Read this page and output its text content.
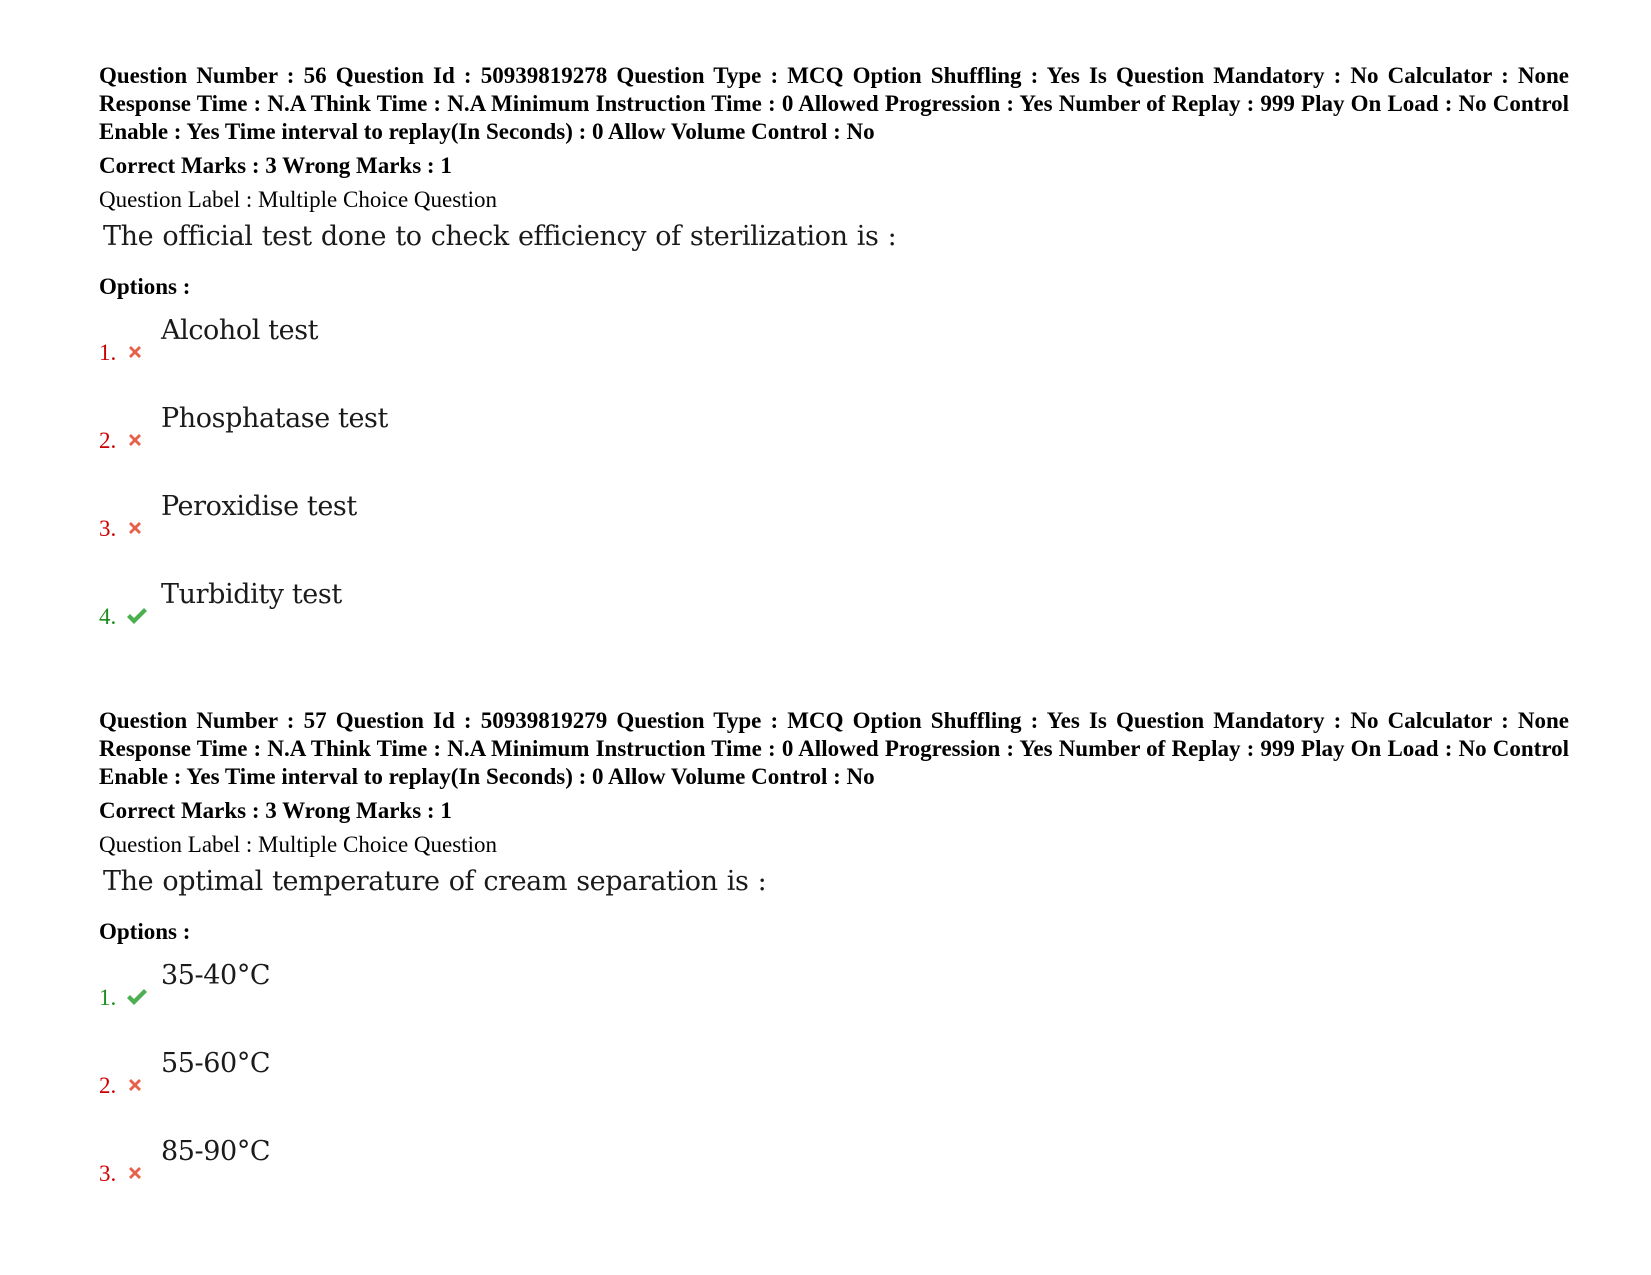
Question Number : 56 Question Id : 50939819278 Question Type : MCQ Option Shuffling : Yes Is Question Mandatory : No Calculator : None Response Time : N.A Think Time : N.A Minimum Instruction Time : 0 Allowed Progression : Yes Number of Replay : 999 Play On Load : No Control Enable : Yes Time interval to replay(In Seconds) : 0 Allow Volume Control : No

Correct Marks : 3 Wrong Marks : 1

Question Label : Multiple Choice Question

The official test done to check efficiency of sterilization is :

Options :

1.
Alcohol test
2.
Phosphatase test
3.
Peroxidise test
4.
Turbidity test

Question Number : 57 Question Id : 50939819279 Question Type : MCQ Option Shuffling : Yes Is Question Mandatory : No Calculator : None Response Time : N.A Think Time : N.A Minimum Instruction Time : 0 Allowed Progression : Yes Number of Replay : 999 Play On Load : No Control Enable : Yes Time interval to replay(In Seconds) : 0 Allow Volume Control : No

Correct Marks : 3 Wrong Marks : 1

Question Label : Multiple Choice Question

The optimal temperature of cream separation is :

Options :

1.
35-40°C
2.
55-60°C
3.
85-90°C
